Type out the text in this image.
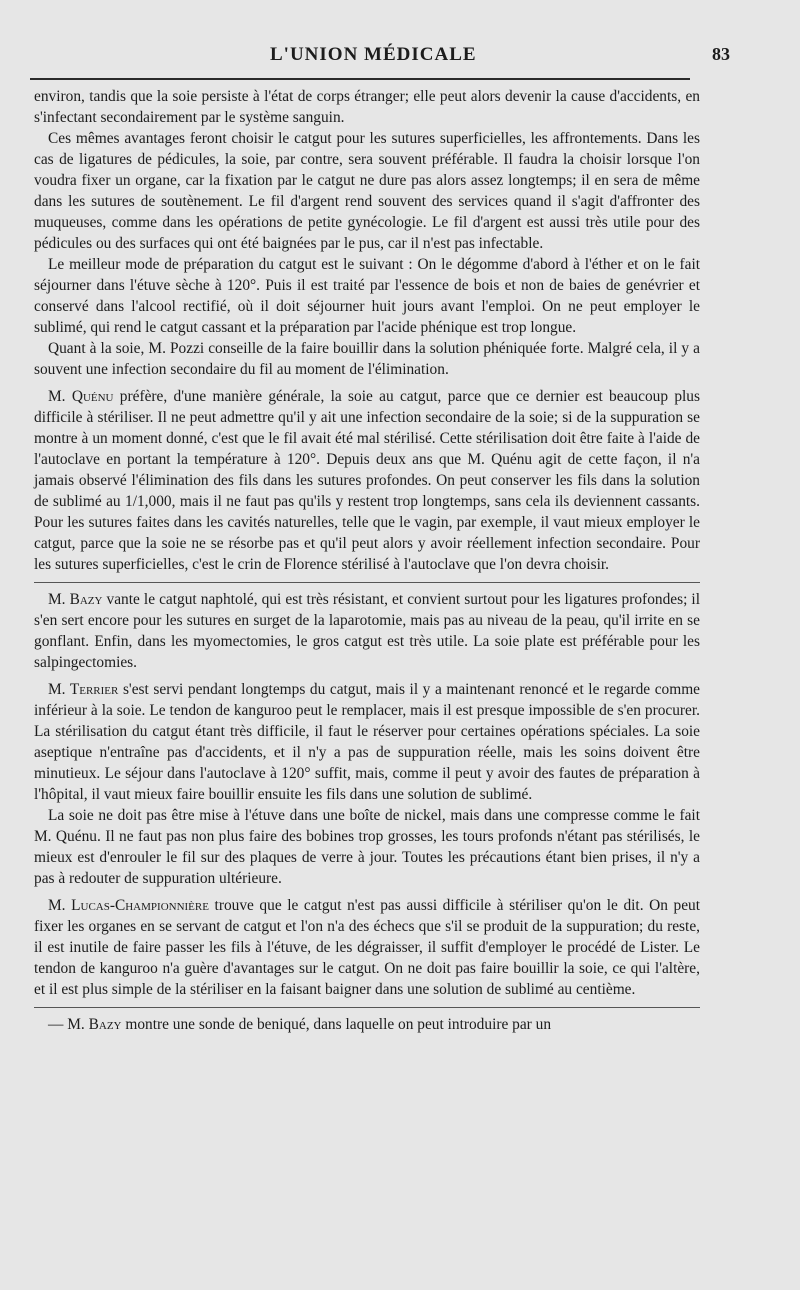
L'UNION MÉDICALE	83

environ, tandis que la soie persiste à l'état de corps étranger; elle peut alors devenir la cause d'accidents, en s'infectant secondairement par le système sanguin.

Ces mêmes avantages feront choisir le catgut pour les sutures superficielles, les affrontements. Dans les cas de ligatures de pédicules, la soie, par contre, sera souvent préférable. Il faudra la choisir lorsque l'on voudra fixer un organe, car la fixation par le catgut ne dure pas alors assez longtemps; il en sera de même dans les sutures de soutènement. Le fil d'argent rend souvent des services quand il s'agit d'affronter des muqueuses, comme dans les opérations de petite gynécologie. Le fil d'argent est aussi très utile pour des pédicules ou des surfaces qui ont été baignées par le pus, car il n'est pas infectable.

Le meilleur mode de préparation du catgut est le suivant : On le dégomme d'abord à l'éther et on le fait séjourner dans l'étuve sèche à 120°. Puis il est traité par l'essence de bois et non de baies de genévrier et conservé dans l'alcool rectifié, où il doit séjourner huit jours avant l'emploi. On ne peut employer le sublimé, qui rend le catgut cassant et la préparation par l'acide phénique est trop longue.

Quant à la soie, M. Pozzi conseille de la faire bouillir dans la solution phéniquée forte. Malgré cela, il y a souvent une infection secondaire du fil au moment de l'élimination.

M. Quénu préfère, d'une manière générale, la soie au catgut, parce que ce dernier est beaucoup plus difficile à stériliser. Il ne peut admettre qu'il y ait une infection secondaire de la soie; si de la suppuration se montre à un moment donné, c'est que le fil avait été mal stérilisé. Cette stérilisation doit être faite à l'aide de l'autoclave en portant la température à 120°. Depuis deux ans que M. Quénu agit de cette façon, il n'a jamais observé l'élimination des fils dans les sutures profondes. On peut conserver les fils dans la solution de sublimé au 1/1,000, mais il ne faut pas qu'ils y restent trop longtemps, sans cela ils deviennent cassants. Pour les sutures faites dans les cavités naturelles, telle que le vagin, par exemple, il vaut mieux employer le catgut, parce que la soie ne se résorbe pas et qu'il peut alors y avoir réellement infection secondaire. Pour les sutures superficielles, c'est le crin de Florence stérilisé à l'autoclave que l'on devra choisir.

M. Bazy vante le catgut naphtolé, qui est très résistant, et convient surtout pour les ligatures profondes; il s'en sert encore pour les sutures en surget de la laparotomie, mais pas au niveau de la peau, qu'il irrite en se gonflant. Enfin, dans les myomectomies, le gros catgut est très utile. La soie plate est préférable pour les salpingectomies.

M. Terrier s'est servi pendant longtemps du catgut, mais il y a maintenant renoncé et le regarde comme inférieur à la soie. Le tendon de kanguroo peut le remplacer, mais il est presque impossible de s'en procurer. La stérilisation du catgut étant très difficile, il faut le réserver pour certaines opérations spéciales. La soie aseptique n'entraîne pas d'accidents, et il n'y a pas de suppuration réelle, mais les soins doivent être minutieux. Le séjour dans l'autoclave à 120° suffit, mais, comme il peut y avoir des fautes de préparation à l'hôpital, il vaut mieux faire bouillir ensuite les fils dans une solution de sublimé.

La soie ne doit pas être mise à l'étuve dans une boîte de nickel, mais dans une compresse comme le fait M. Quénu. Il ne faut pas non plus faire des bobines trop grosses, les tours profonds n'étant pas stérilisés, le mieux est d'enrouler le fil sur des plaques de verre à jour. Toutes les précautions étant bien prises, il n'y a pas à redouter de suppuration ultérieure.

M. Lucas-Championnière trouve que le catgut n'est pas aussi difficile à stériliser qu'on le dit. On peut fixer les organes en se servant de catgut et l'on n'a des échecs que s'il se produit de la suppuration; du reste, il est inutile de faire passer les fils à l'étuve, de les dégraisser, il suffit d'employer le procédé de Lister. Le tendon de kanguroo n'a guère d'avantages sur le catgut. On ne doit pas faire bouillir la soie, ce qui l'altère, et il est plus simple de la stériliser en la faisant baigner dans une solution de sublimé au centième.

— M. Bazy montre une sonde de beniqué, dans laquelle on peut introduire par un
